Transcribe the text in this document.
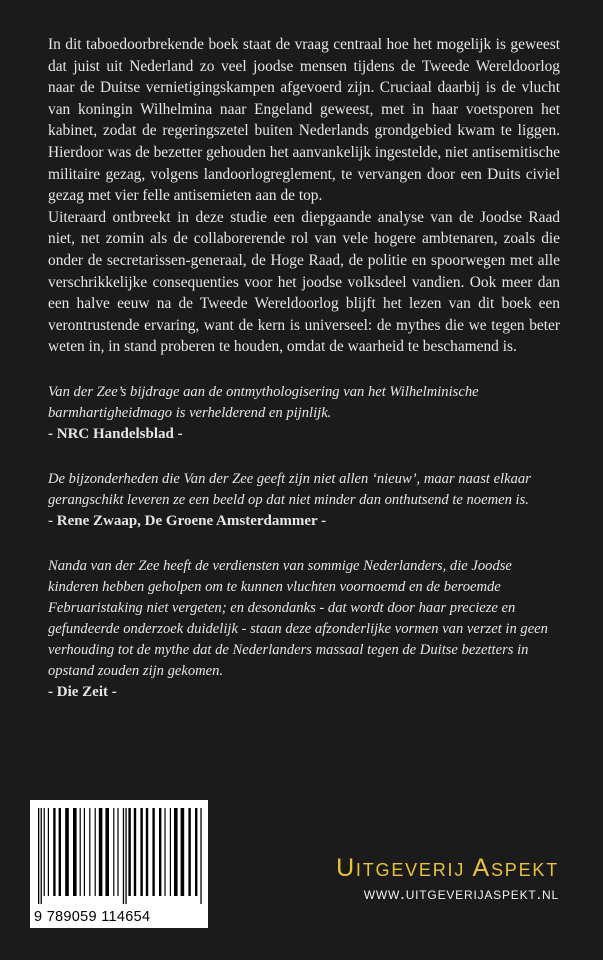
In dit taboedoorbrekende boek staat de vraag centraal hoe het mogelijk is geweest dat juist uit Nederland zo veel joodse mensen tijdens de Tweede Wereldoorlog naar de Duitse vernietigingskampen afgevoerd zijn. Cruciaal daarbij is de vlucht van koningin Wilhelmina naar Engeland geweest, met in haar voetsporen het kabinet, zodat de regeringszetel buiten Nederlands grondgebied kwam te liggen. Hierdoor was de bezetter gehouden het aanvankelijk ingestelde, niet antisemitische militaire gezag, volgens landoorlogreglement, te vervangen door een Duits civiel gezag met vier felle antisemieten aan de top.

Uiteraard ontbreekt in deze studie een diepgaande analyse van de Joodse Raad niet, net zomin als de collaborerende rol van vele hogere ambtenaren, zoals die onder de secretarissen-generaal, de Hoge Raad, de politie en spoorwegen met alle verschrikkelijke consequenties voor het joodse volksdeel vandien. Ook meer dan een halve eeuw na de Tweede Wereldoorlog blijft het lezen van dit boek een verontrustende ervaring, want de kern is universeel: de mythes die we tegen beter weten in, in stand proberen te houden, omdat de waarheid te beschamend is.

Van der Zee’s bijdrage aan de ontmythologisering van het Wilhelminische barmhartigheidmago is verhelderend en pijnlijk.

- NRC Handelsblad -

De bijzonderheden die Van der Zee geeft zijn niet allen ‘nieuw’, maar naast elkaar gerangschikt leveren ze een beeld op dat niet minder dan onthutsend te noemen is.

- Rene Zwaap, De Groene Amsterdammer -

Nanda van der Zee heeft de verdiensten van sommige Nederlanders, die Joodse kinderen hebben geholpen om te kunnen vluchten voornoemd en de beroemde Februaristaking niet vergeten; en desondanks - dat wordt door haar precieze en gefundeerde onderzoek duidelijk - staan deze afzonderlijke vormen van verzet in geen verhouding tot de mythe dat de Nederlanders massaal tegen de Duitse bezetters in opstand zouden zijn gekomen.

- Die Zeit -

9 789059 114654
Uitgeverij Aspekt
www.uitgeverijaspekt.nl
